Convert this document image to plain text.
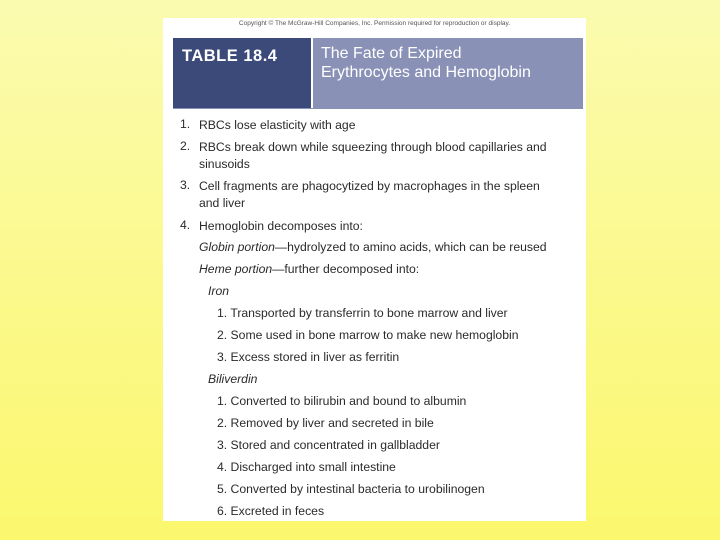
Copyright © The McGraw-Hill Companies, Inc. Permission required for reproduction or display.
TABLE 18.4	The Fate of Expired
Erythrocytes and Hemoglobin
1. RBCs lose elasticity with age
2. RBCs break down while squeezing through blood capillaries and
sinusoids
3. Cell fragments are phagocytized by macrophages in the spleen
and liver
4. Hemoglobin decomposes into:
Globin portion—hydrolyzed to amino acids, which can be reused
Heme portion—further decomposed into:
Iron
1. Transported by transferrin to bone marrow and liver
2. Some used in bone marrow to make new hemoglobin
3. Excess stored in liver as ferritin
Biliverdin
1. Converted to bilirubin and bound to albumin
2. Removed by liver and secreted in bile
3. Stored and concentrated in gallbladder
4. Discharged into small intestine
5. Converted by intestinal bacteria to urobilinogen
6. Excreted in feces
